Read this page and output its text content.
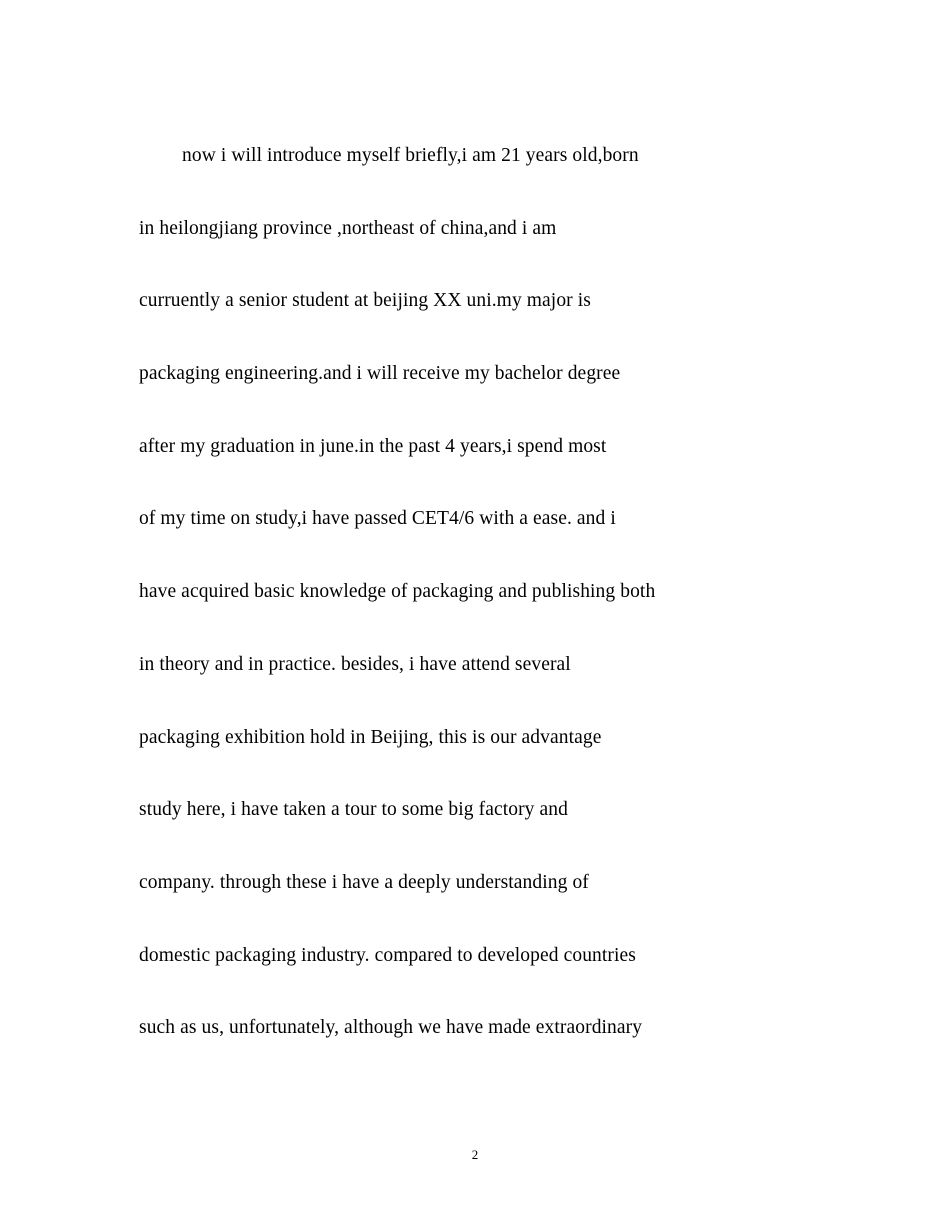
now i will introduce myself briefly,i am 21 years old,born
in heilongjiang province ,northeast of china,and i am
curruently a senior student at beijing XX uni.my major is
packaging engineering.and i will receive my bachelor degree
after my graduation in june.in the past 4 years,i spend most
of my time on study,i have passed CET4/6 with a ease. and i
have acquired basic knowledge of packaging and publishing both
in theory and in practice. besides, i have attend several
packaging exhibition hold in Beijing, this is our advantage
study here, i have taken a tour to some big factory and
company. through these i have a deeply understanding of
domestic packaging industry. compared to developed countries
such as us, unfortunately, although we have made extraordinary
2
